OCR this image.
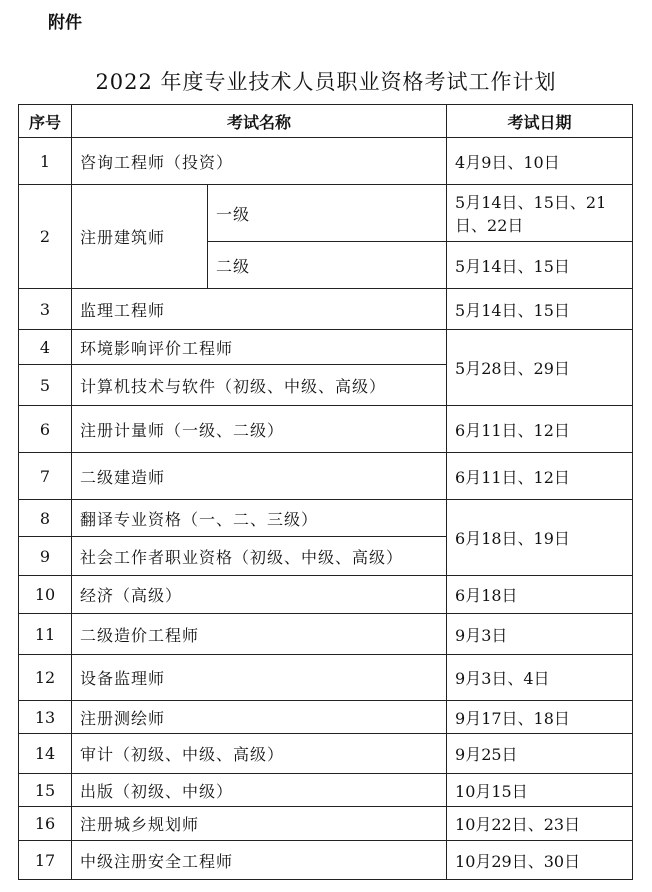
附件
2022 年度专业技术人员职业资格考试工作计划
序号	考试名称		考试日期
1	咨询工程师（投资）		4月9日、10日
2	注册建筑师	一级	5月14日、15日、21日、22日
		二级	5月14日、15日
3	监理工程师		5月14日、15日
4	环境影响评价工程师		5月28日、29日
5	计算机技术与软件（初级、中级、高级）		
6	注册计量师（一级、二级）		6月11日、12日
7	二级建造师		6月11日、12日
8	翻译专业资格（一、二、三级）		6月18日、19日
9	社会工作者职业资格（初级、中级、高级）		
10	经济（高级）		6月18日
11	二级造价工程师		9月3日
12	设备监理师		9月3日、4日
13	注册测绘师		9月17日、18日
14	审计（初级、中级、高级）		9月25日
15	出版（初级、中级）		10月15日
16	注册城乡规划师		10月22日、23日
17	中级注册安全工程师		10月29日、30日
